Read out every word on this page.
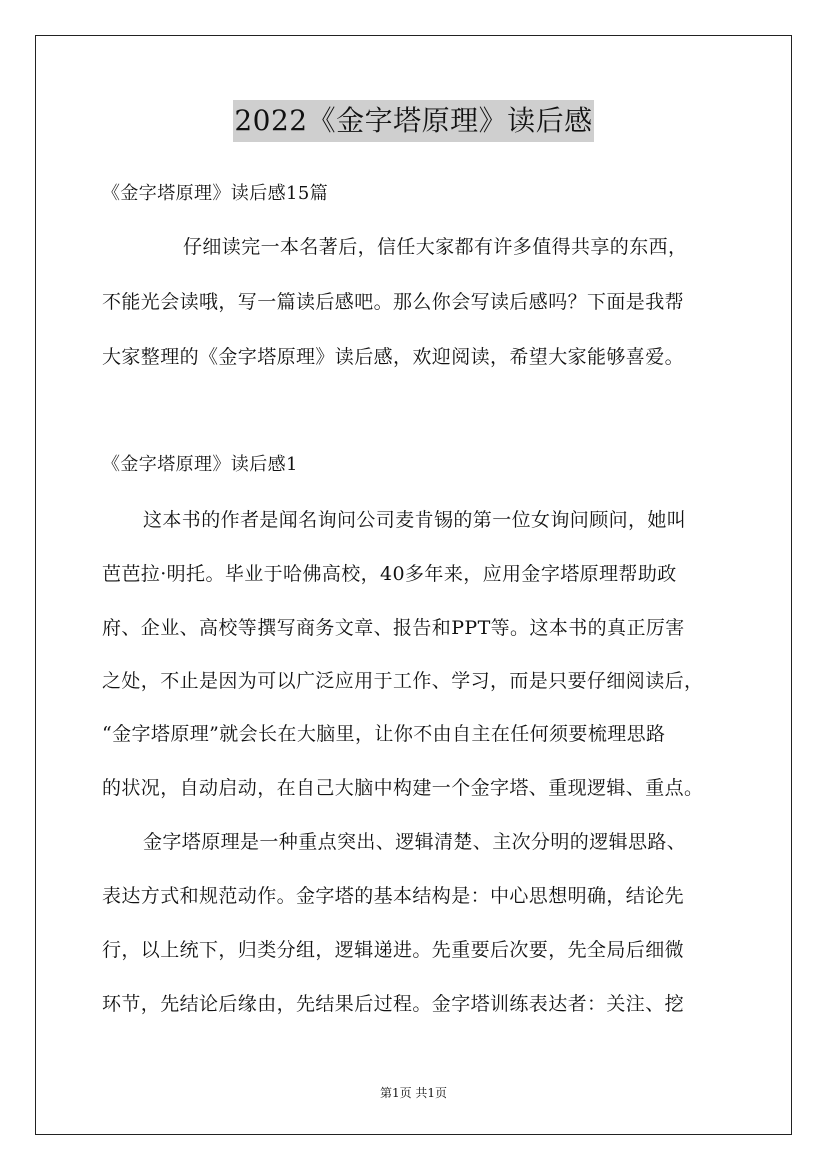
2022《金字塔原理》读后感
《金字塔原理》读后感15篇
仔细读完一本名著后，信任大家都有许多值得共享的东西，
不能光会读哦，写一篇读后感吧。那么你会写读后感吗？下面是我帮
大家整理的《金字塔原理》读后感，欢迎阅读，希望大家能够喜爱。
《金字塔原理》读后感1
这本书的作者是闻名询问公司麦肯锡的第一位女询问顾问，她叫
芭芭拉·明托。毕业于哈佛高校，40多年来，应用金字塔原理帮助政
府、企业、高校等撰写商务文章、报告和PPT等。这本书的真正厉害
之处，不止是因为可以广泛应用于工作、学习，而是只要仔细阅读后，
“金字塔原理”就会长在大脑里，让你不由自主在任何须要梳理思路
的状况，自动启动，在自己大脑中构建一个金字塔、重现逻辑、重点。
金字塔原理是一种重点突出、逻辑清楚、主次分明的逻辑思路、
表达方式和规范动作。金字塔的基本结构是：中心思想明确，结论先
行，以上统下，归类分组，逻辑递进。先重要后次要，先全局后细微
环节，先结论后缘由，先结果后过程。金字塔训练表达者：关注、挖
第1页 共1页
